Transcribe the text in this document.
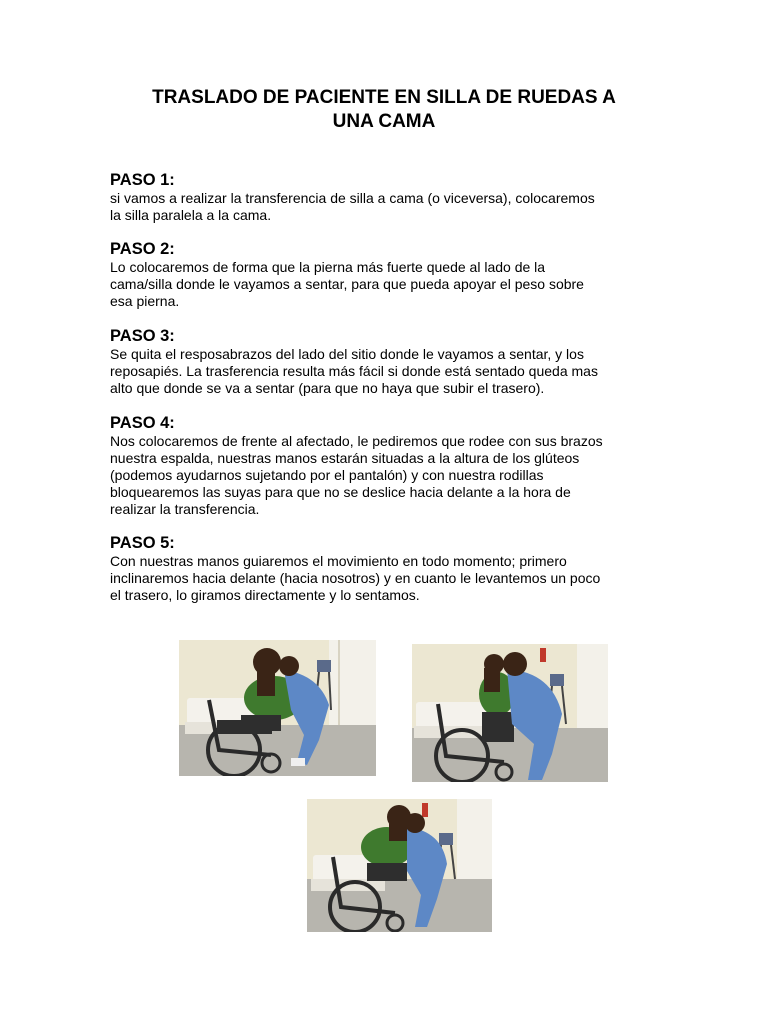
TRASLADO DE PACIENTE EN SILLA DE RUEDAS A
UNA CAMA
PASO 1:

si vamos a realizar la transferencia de silla a cama (o viceversa), colocaremos
la silla paralela a la cama.

PASO 2:

Lo colocaremos de forma que la pierna más fuerte quede al lado de la
cama/silla donde le vayamos a sentar, para que pueda apoyar el peso sobre
esa pierna.

PASO 3:

Se quita el resposabrazos del lado del sitio donde le vayamos a sentar, y los
reposapiés. La trasferencia resulta más fácil si donde está sentado queda mas
alto que donde se va a sentar (para que no haya que subir el trasero).

PASO 4:

Nos colocaremos de frente al afectado, le pediremos que rodee con sus brazos
nuestra espalda, nuestras manos estarán situadas a la altura de los glúteos
(podemos ayudarnos sujetando por el pantalón) y con nuestra rodillas
bloquearemos las suyas para que no se deslice hacia delante a la hora de
realizar la transferencia.

PASO 5:

Con nuestras manos guiaremos el movimiento en todo momento; primero
inclinaremos hacia delante (hacia nosotros) y en cuanto le levantemos un poco
el trasero, lo giramos directamente y lo sentamos.
